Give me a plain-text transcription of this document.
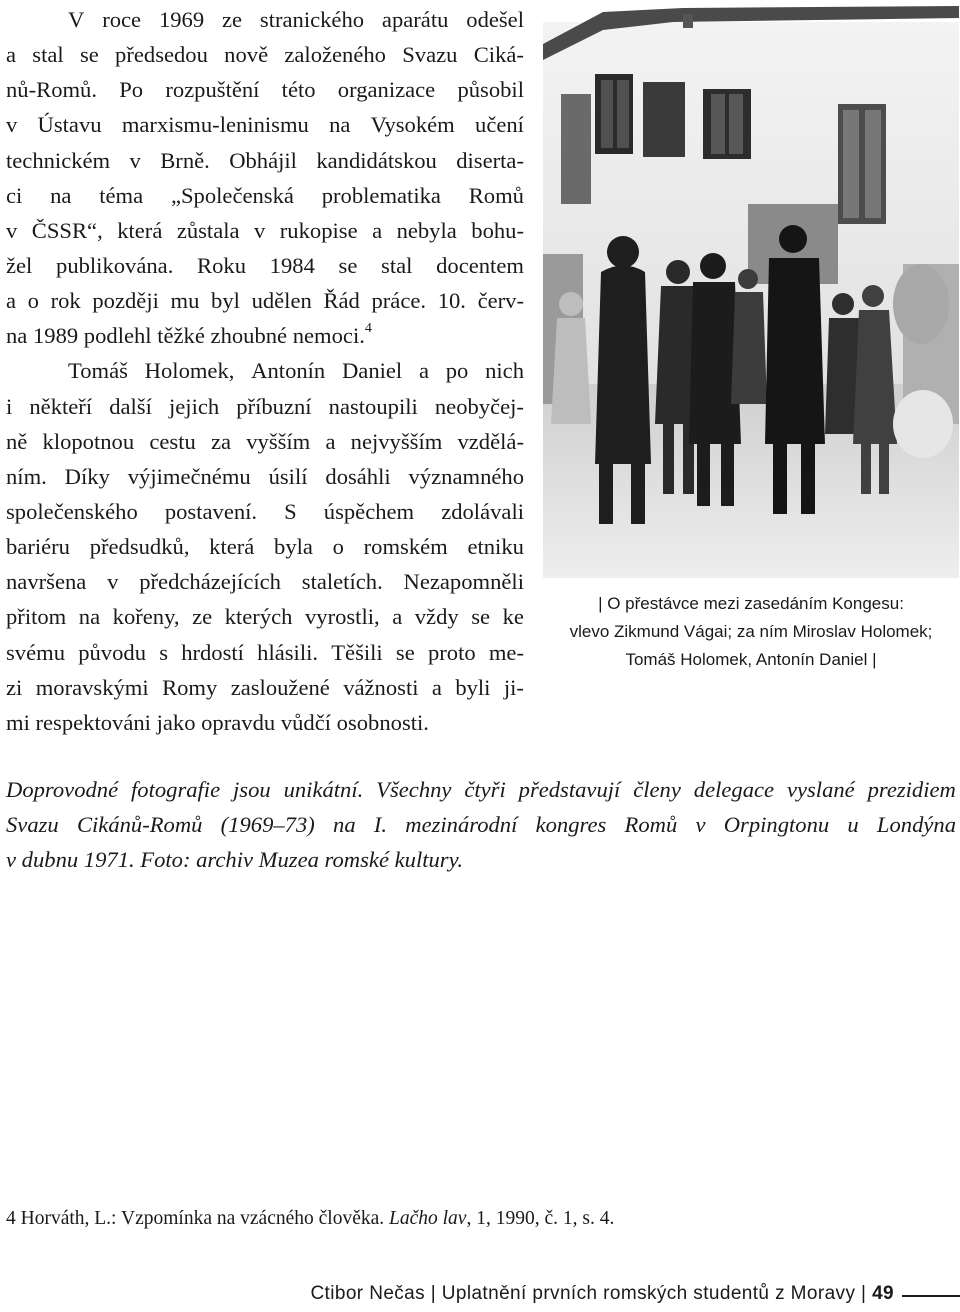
V roce 1969 ze stranického aparátu odešel
a stal se předsedou nově založeného Svazu Ciká-
nů-Romů. Po rozpuštění této organizace působil
v Ústavu marxismu-leninismu na Vysokém učení
technickém v Brně. Obhájil kandidátskou diserta-
ci na téma „Společenská problematika Romů
v ČSSR“, která zůstala v rukopise a nebyla bohu-
žel publikována. Roku 1984 se stal docentem
a o rok později mu byl udělen Řád práce. 10. červ-
na 1989 podlehl těžké zhoubné nemoci.$^4$
Tomáš Holomek, Antonín Daniel a po nich
i někteří další jejich příbuzní nastoupili neobyčej-
ně klopotnou cestu za vyšším a nejvyšším vzdělá-
ním. Díky výjimečnému úsilí dosáhli významného
společenského postavení. S úspěchem zdolávali
bariéru předsudků, která byla o romském etniku
navršena v předcházejících staletích. Nezapomněli
přitom na kořeny, ze kterých vyrostli, a vždy se ke
svému původu s hrdostí hlásili. Těšili se proto me-
zi moravskými Romy zasloužené vážnosti a byli ji-
mi respektováni jako opravdu vůdčí osobnosti.
| O přestávce mezi zasedáním Kongesu:
vlevo Zikmund Vágai; za ním Miroslav Holomek;
Tomáš Holomek, Antonín Daniel |
Doprovodné fotografie jsou unikátní. Všechny čtyři představují členy delegace vyslané prezidiem
Svazu Cikánů-Romů (1969–73) na I. mezinárodní kongres Romů v Orpingtonu u Londýna
v dubnu 1971. Foto: archiv Muzea romské kultury.
4 Horváth, L.: Vzpomínka na vzácného člověka. Lačho lav, 1, 1990, č. 1, s. 4.
Ctibor Nečas | Uplatnění prvních romských studentů z Moravy | 49
